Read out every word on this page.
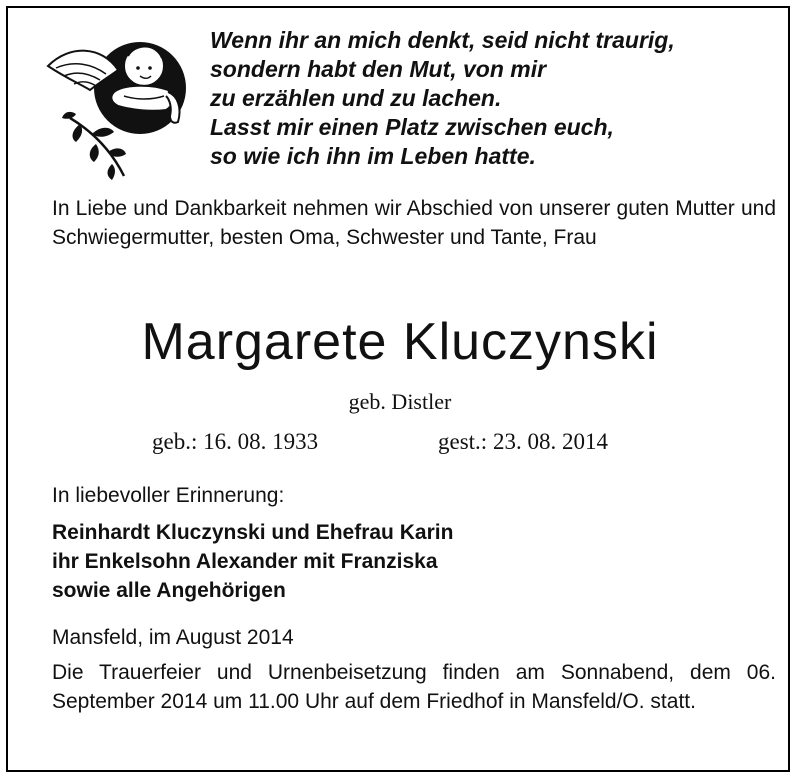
Wenn ihr an mich denkt, seid nicht traurig,
sondern habt den Mut, von mir
zu erzählen und zu lachen.
Lasst mir einen Platz zwischen euch,
so wie ich ihn im Leben hatte.
In Liebe und Dankbarkeit nehmen wir Abschied von unserer guten Mutter und Schwiegermutter, besten Oma, Schwester und Tante, Frau
Margarete Kluczynski
geb. Distler
geb.: 16. 08. 1933	gest.: 23. 08. 2014
In liebevoller Erinnerung:
Reinhardt Kluczynski und Ehefrau Karin
ihr Enkelsohn Alexander mit Franziska
sowie alle Angehörigen
Mansfeld, im August 2014
Die Trauerfeier und Urnenbeisetzung finden am Sonnabend, dem 06. September 2014 um 11.00 Uhr auf dem Friedhof in Mansfeld/O. statt.
